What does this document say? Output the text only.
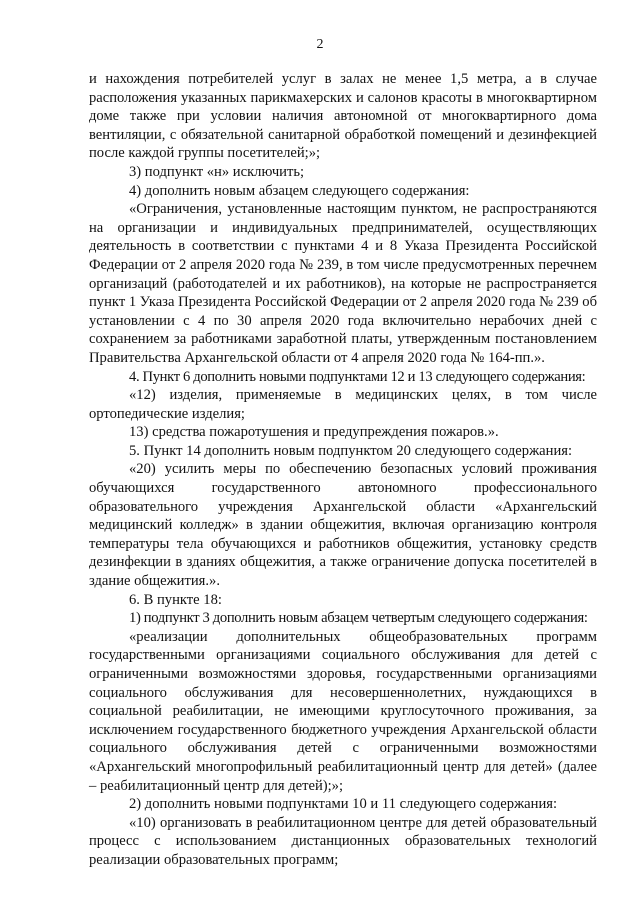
2

и нахождения потребителей услуг в залах не менее 1,5 метра, а в случае расположения указанных парикмахерских и салонов красоты в многоквартирном доме также при условии наличия автономной от многоквартирного дома вентиляции, с обязательной санитарной обработкой помещений и дезинфекцией после каждой группы посетителей;»;

3) подпункт «н» исключить;

4) дополнить новым абзацем следующего содержания:

«Ограничения, установленные настоящим пунктом, не распространяются на организации и индивидуальных предпринимателей, осуществляющих деятельность в соответствии с пунктами 4 и 8 Указа Президента Российской Федерации от 2 апреля 2020 года № 239, в том числе предусмотренных перечнем организаций (работодателей и их работников), на которые не распространяется пункт 1 Указа Президента Российской Федерации от 2 апреля 2020 года № 239 об установлении с 4 по 30 апреля 2020 года включительно нерабочих дней с сохранением за работниками заработной платы, утвержденным постановлением Правительства Архангельской области от 4 апреля 2020 года № 164-пп.».

4. Пункт 6 дополнить новыми подпунктами 12 и 13 следующего содержания:

«12) изделия, применяемые в медицинских целях, в том числе ортопедические изделия;

13) средства пожаротушения и предупреждения пожаров.».

5. Пункт 14 дополнить новым подпунктом 20 следующего содержания:

«20) усилить меры по обеспечению безопасных условий проживания обучающихся государственного автономного профессионального образовательного учреждения Архангельской области «Архангельский медицинский колледж» в здании общежития, включая организацию контроля температуры тела обучающихся и работников общежития, установку средств дезинфекции в зданиях общежития, а также ограничение допуска посетителей в здание общежития.».

6. В пункте 18:

1) подпункт 3 дополнить новым абзацем четвертым следующего содержания:

«реализации дополнительных общеобразовательных программ государственными организациями социального обслуживания для детей с ограниченными возможностями здоровья, государственными организациями социального обслуживания для несовершеннолетних, нуждающихся в социальной реабилитации, не имеющими круглосуточного проживания, за исключением государственного бюджетного учреждения Архангельской области социального обслуживания детей с ограниченными возможностями «Архангельский многопрофильный реабилитационный центр для детей» (далее – реабилитационный центр для детей);»;

2) дополнить новыми подпунктами 10 и 11 следующего содержания:

«10) организовать в реабилитационном центре для детей образовательный процесс с использованием дистанционных образовательных технологий реализации образовательных программ;
